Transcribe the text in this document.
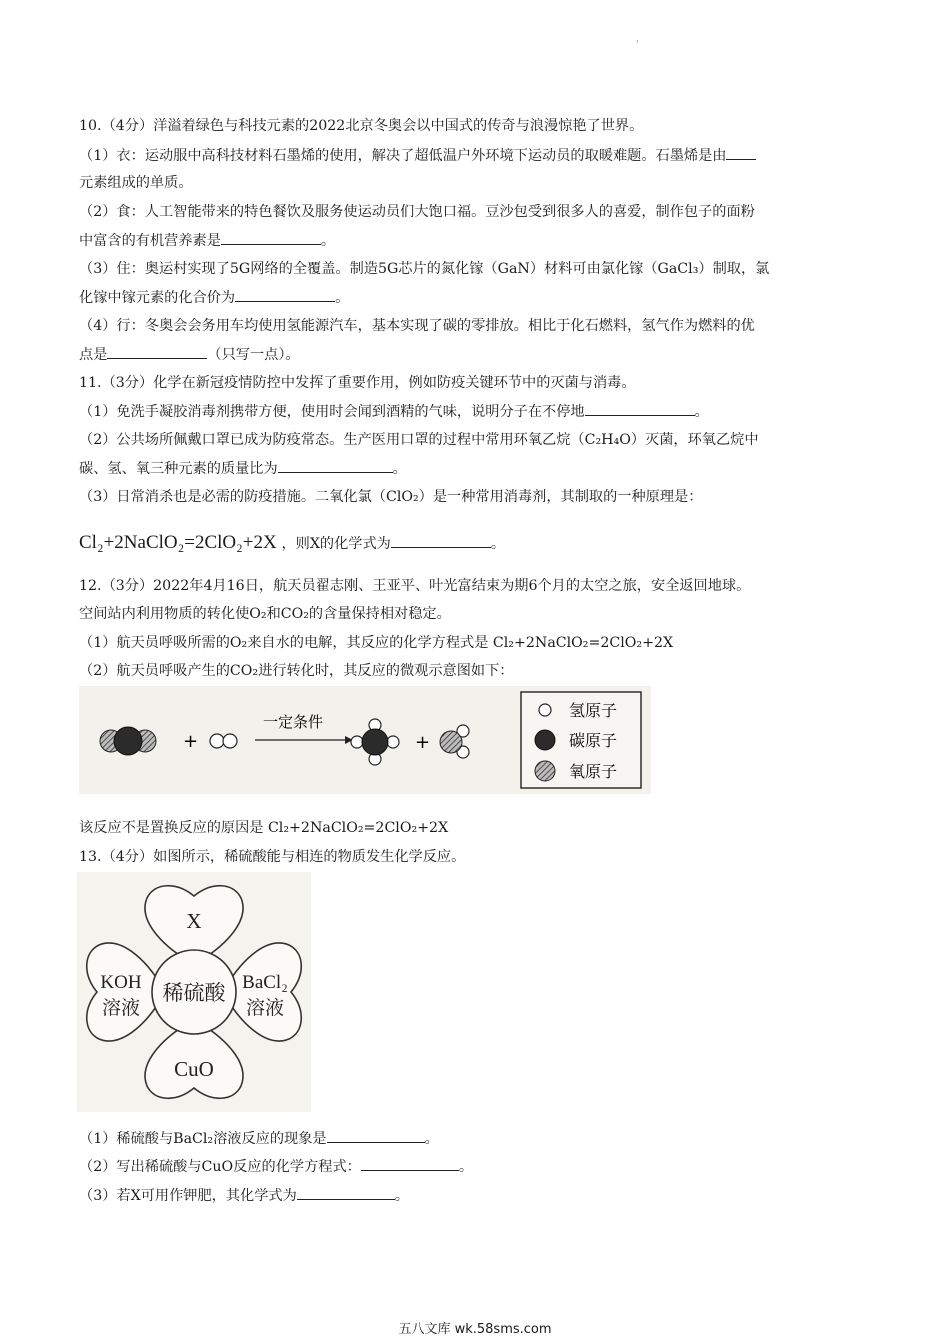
'
10.（4分）洋溢着绿色与科技元素的2022北京冬奥会以中国式的传奇与浪漫惊艳了世界。
（1）衣：运动服中高科技材料石墨烯的使用，解决了超低温户外环境下运动员的取暖难题。石墨烯是由
元素组成的单质。
（2）食：人工智能带来的特色餐饮及服务使运动员们大饱口福。豆沙包受到很多人的喜爱，制作包子的面粉
中富含的有机营养素是	。
（3）住：奥运村实现了5G网络的全覆盖。制造5G芯片的氮化镓（GaN）材料可由氯化镓（GaCl₃）制取，氯
化镓中镓元素的化合价为	。
（4）行：冬奥会会务用车均使用氢能源汽车，基本实现了碳的零排放。相比于化石燃料，氢气作为燃料的优
点是	（只写一点）。
11.（3分）化学在新冠疫情防控中发挥了重要作用，例如防疫关键环节中的灭菌与消毒。
（1）免洗手凝胶消毒剂携带方便，使用时会闻到酒精的气味，说明分子在不停地	。
（2）公共场所佩戴口罩已成为防疫常态。生产医用口罩的过程中常用环氧乙烷（C₂H₄O）灭菌，环氧乙烷中
碳、氢、氧三种元素的质量比为	。
（3）日常消杀也是必需的防疫措施。二氧化氯（ClO₂）是一种常用消毒剂，其制取的一种原理是：
Cl₂+2NaClO₂=2ClO₂+2X ，则X的化学式为	。
12.（3分）2022年4月16日，航天员翟志刚、王亚平、叶光富结束为期6个月的太空之旅，安全返回地球。
空间站内利用物质的转化使O₂和CO₂的含量保持相对稳定。
（1）航天员呼吸所需的O₂来自水的电解，其反应的化学方程式是 Cl₂+2NaClO₂=2ClO₂+2X
（2）航天员呼吸产生的CO₂进行转化时，其反应的微观示意图如下：
+
一定条件
+
氢原子
碳原子
氧原子
该反应不是置换反应的原因是 Cl₂+2NaClO₂=2ClO₂+2X
13.（4分）如图所示，稀硫酸能与相连的物质发生化学反应。
稀硫酸
X
KOH
溶液
BaCl₂
溶液
CuO
（1）稀硫酸与BaCl₂溶液反应的现象是	。
（2）写出稀硫酸与CuO反应的化学方程式：	。
（3）若X可用作钾肥，其化学式为	。
五八文库 wk.58sms.com
